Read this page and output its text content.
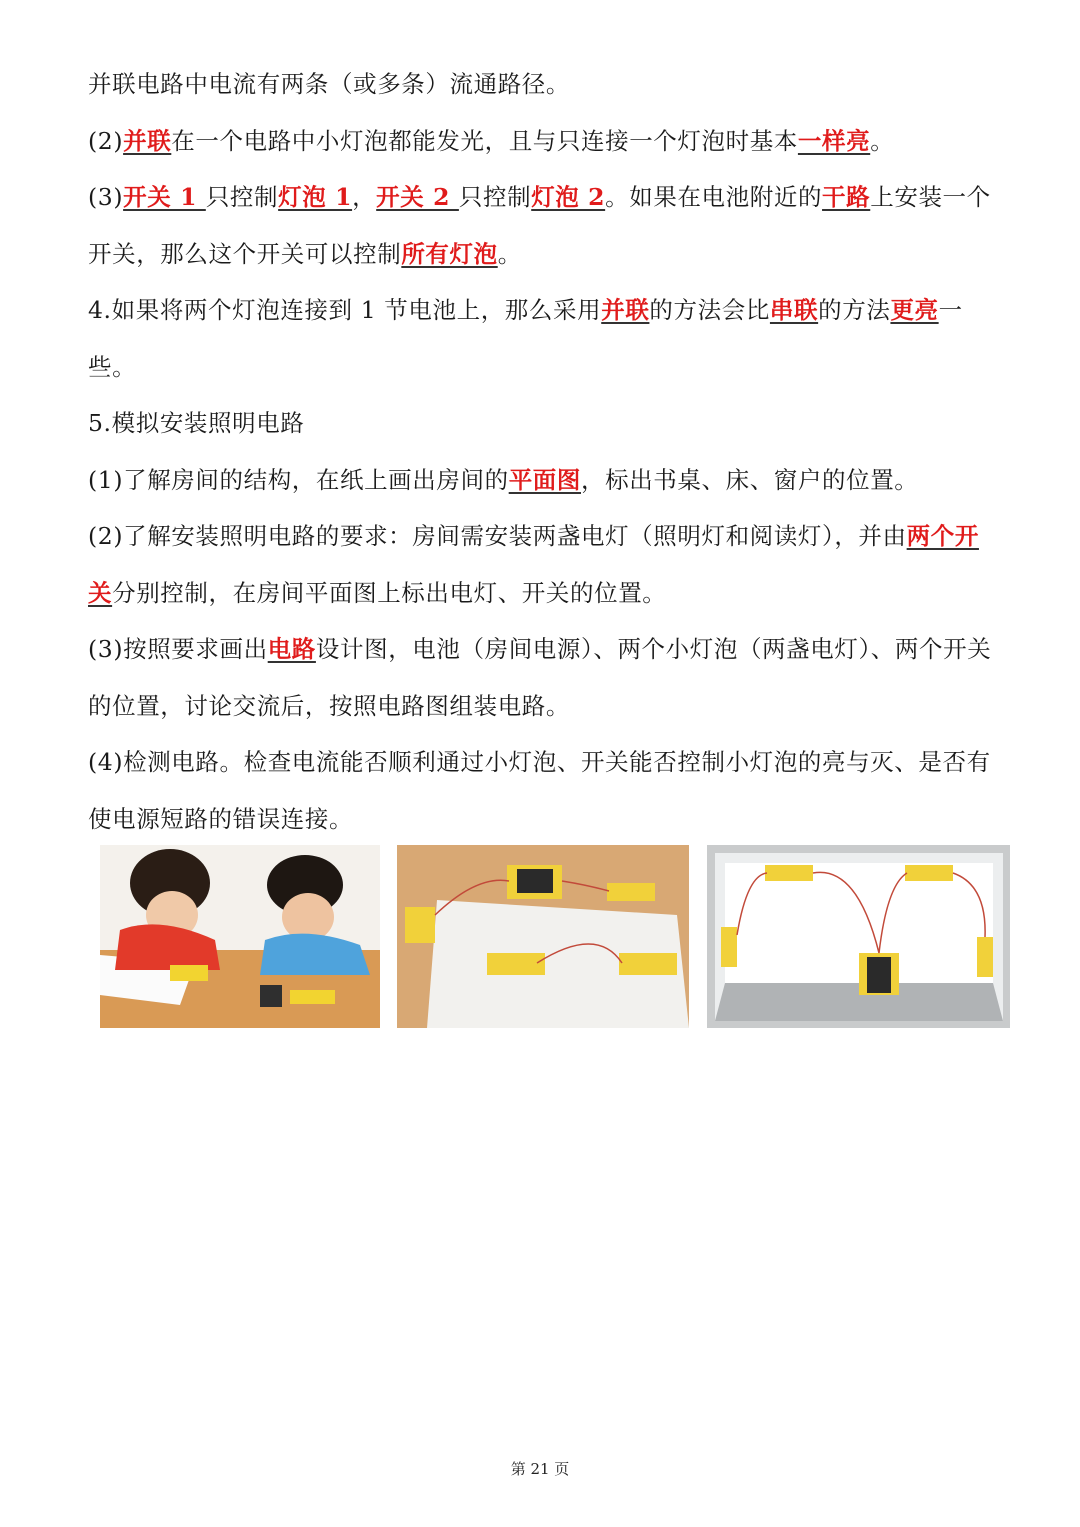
并联电路中电流有两条（或多条）流通路径。

(2)并联在一个电路中小灯泡都能发光，且与只连接一个灯泡时基本一样亮。

(3)开关 1 只控制灯泡 1，开关 2 只控制灯泡 2。如果在电池附近的干路上安装一个开关，那么这个开关可以控制所有灯泡。

4.如果将两个灯泡连接到 1 节电池上，那么采用并联的方法会比串联的方法更亮一些。

5.模拟安装照明电路

(1)了解房间的结构，在纸上画出房间的平面图，标出书桌、床、窗户的位置。

(2)了解安装照明电路的要求：房间需安装两盏电灯（照明灯和阅读灯），并由两个开关分别控制，在房间平面图上标出电灯、开关的位置。

(3)按照要求画出电路设计图，电池（房间电源）、两个小灯泡（两盏电灯）、两个开关的位置，讨论交流后，按照电路图组装电路。

(4)检测电路。检查电流能否顺利通过小灯泡、开关能否控制小灯泡的亮与灭、是否有使电源短路的错误连接。

第 21 页
